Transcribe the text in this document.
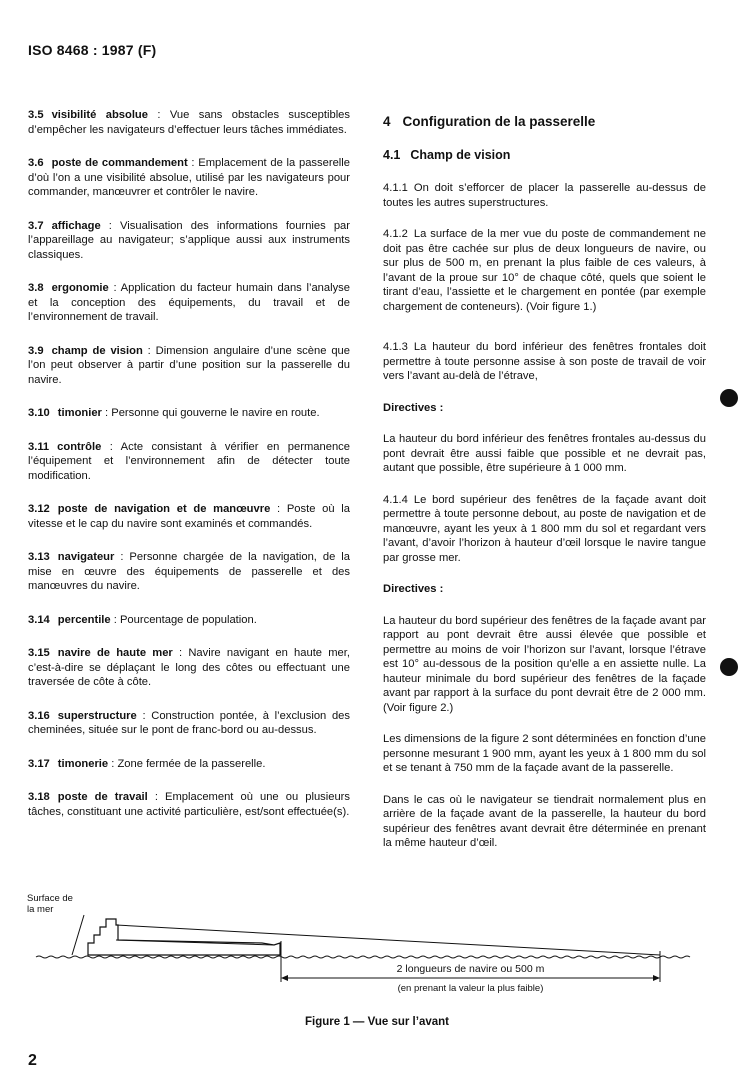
ISO 8468 : 1987 (F)
3.5 visibilité absolue : Vue sans obstacles susceptibles d’empêcher les navigateurs d’effectuer leurs tâches immédiates.
3.6 poste de commandement : Emplacement de la passerelle d’où l’on a une visibilité absolue, utilisé par les navigateurs pour commander, manœuvrer et contrôler le navire.
3.7 affichage : Visualisation des informations fournies par l’appareillage au navigateur; s’applique aussi aux instruments classiques.
3.8 ergonomie : Application du facteur humain dans l’analyse et la conception des équipements, du travail et de l’environnement de travail.
3.9 champ de vision : Dimension angulaire d’une scène que l’on peut observer à partir d’une position sur la passerelle du navire.
3.10 timonier : Personne qui gouverne le navire en route.
3.11 contrôle : Acte consistant à vérifier en permanence l’équipement et l’environnement afin de détecter toute modification.
3.12 poste de navigation et de manœuvre : Poste où la vitesse et le cap du navire sont examinés et commandés.
3.13 navigateur : Personne chargée de la navigation, de la mise en œuvre des équipements de passerelle et des manœuvres du navire.
3.14 percentile : Pourcentage de population.
3.15 navire de haute mer : Navire navigant en haute mer, c’est-à-dire se déplaçant le long des côtes ou effectuant une traversée de côte à côte.
3.16 superstructure : Construction pontée, à l’exclusion des cheminées, située sur le pont de franc-bord ou au-dessus.
3.17 timonerie : Zone fermée de la passerelle.
3.18 poste de travail : Emplacement où une ou plusieurs tâches, constituant une activité particulière, est/sont effectuée(s).
4 Configuration de la passerelle
4.1 Champ de vision
4.1.1 On doit s’efforcer de placer la passerelle au-dessus de toutes les autres superstructures.
4.1.2 La surface de la mer vue du poste de commandement ne doit pas être cachée sur plus de deux longueurs de navire, ou sur plus de 500 m, en prenant la plus faible de ces valeurs, à l’avant de la proue sur 10° de chaque côté, quels que soient le tirant d’eau, l’assiette et le chargement en pontée (par exemple chargement de conteneurs). (Voir figure 1.)
4.1.3 La hauteur du bord inférieur des fenêtres frontales doit permettre à toute personne assise à son poste de travail de voir vers l’avant au-delà de l’étrave,
Directives :
La hauteur du bord inférieur des fenêtres frontales au-dessus du pont devrait être aussi faible que possible et ne devrait pas, autant que possible, être supérieure à 1 000 mm.
4.1.4 Le bord supérieur des fenêtres de la façade avant doit permettre à toute personne debout, au poste de navigation et de manœuvre, ayant les yeux à 1 800 mm du sol et regardant vers l’avant, d’avoir l’horizon à hauteur d’œil lorsque le navire tangue par grosse mer.
Directives :
La hauteur du bord supérieur des fenêtres de la façade avant par rapport au pont devrait être aussi élevée que possible et permettre au moins de voir l’horizon sur l’avant, lorsque l’étrave est 10° au-dessous de la position qu’elle a en assiette nulle. La hauteur minimale du bord supérieur des fenêtres de la façade avant par rapport à la surface du pont devrait être de 2 000 mm. (Voir figure 2.)
Les dimensions de la figure 2 sont déterminées en fonction d’une personne mesurant 1 900 mm, ayant les yeux à 1 800 mm du sol et se tenant à 750 mm de la façade avant de la passerelle.
Dans le cas où le navigateur se tiendrait normalement plus en arrière de la façade avant de la passerelle, la hauteur du bord supérieur des fenêtres avant devrait être déterminée en prenant la même hauteur d’œil.
Surface de
la mer
2 longueurs de navire ou 500 m
(en prenant la valeur la plus faible)
Figure 1 — Vue sur l’avant
2
